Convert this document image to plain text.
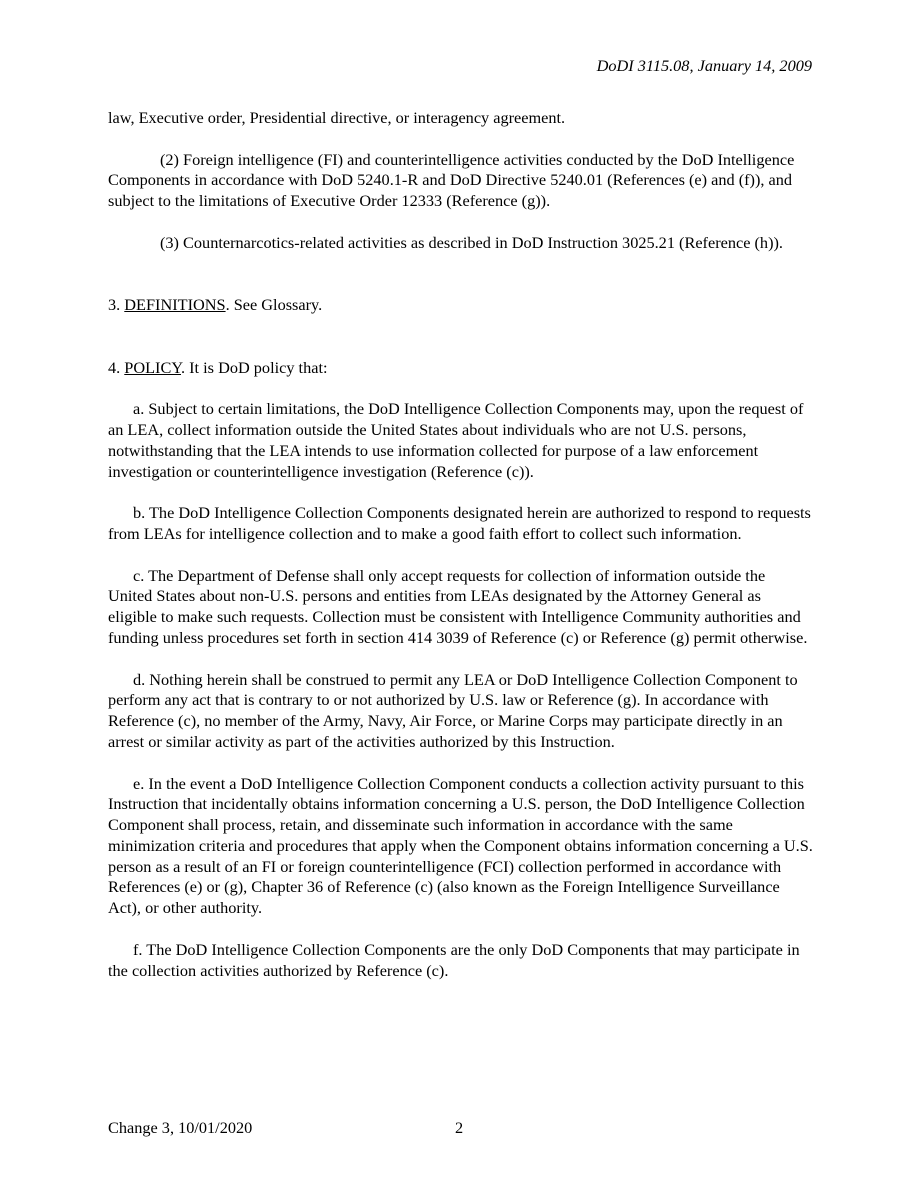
DoDI 3115.08, January 14, 2009

law, Executive order, Presidential directive, or interagency agreement.

(2) Foreign intelligence (FI) and counterintelligence activities conducted by the DoD Intelligence Components in accordance with DoD 5240.1-R and DoD Directive 5240.01 (References (e) and (f)), and subject to the limitations of Executive Order 12333 (Reference (g)).

(3) Counternarcotics-related activities as described in DoD Instruction 3025.21 (Reference (h)).

3. DEFINITIONS. See Glossary.

4. POLICY. It is DoD policy that:

a. Subject to certain limitations, the DoD Intelligence Collection Components may, upon the request of an LEA, collect information outside the United States about individuals who are not U.S. persons, notwithstanding that the LEA intends to use information collected for purpose of a law enforcement investigation or counterintelligence investigation (Reference (c)).

b. The DoD Intelligence Collection Components designated herein are authorized to respond to requests from LEAs for intelligence collection and to make a good faith effort to collect such information.

c. The Department of Defense shall only accept requests for collection of information outside the United States about non-U.S. persons and entities from LEAs designated by the Attorney General as eligible to make such requests. Collection must be consistent with Intelligence Community authorities and funding unless procedures set forth in section 414 3039 of Reference (c) or Reference (g) permit otherwise.

d. Nothing herein shall be construed to permit any LEA or DoD Intelligence Collection Component to perform any act that is contrary to or not authorized by U.S. law or Reference (g). In accordance with Reference (c), no member of the Army, Navy, Air Force, or Marine Corps may participate directly in an arrest or similar activity as part of the activities authorized by this Instruction.

e. In the event a DoD Intelligence Collection Component conducts a collection activity pursuant to this Instruction that incidentally obtains information concerning a U.S. person, the DoD Intelligence Collection Component shall process, retain, and disseminate such information in accordance with the same minimization criteria and procedures that apply when the Component obtains information concerning a U.S. person as a result of an FI or foreign counterintelligence (FCI) collection performed in accordance with References (e) or (g), Chapter 36 of Reference (c) (also known as the Foreign Intelligence Surveillance Act), or other authority.

f. The DoD Intelligence Collection Components are the only DoD Components that may participate in the collection activities authorized by Reference (c).

Change 3, 10/01/2020	2
